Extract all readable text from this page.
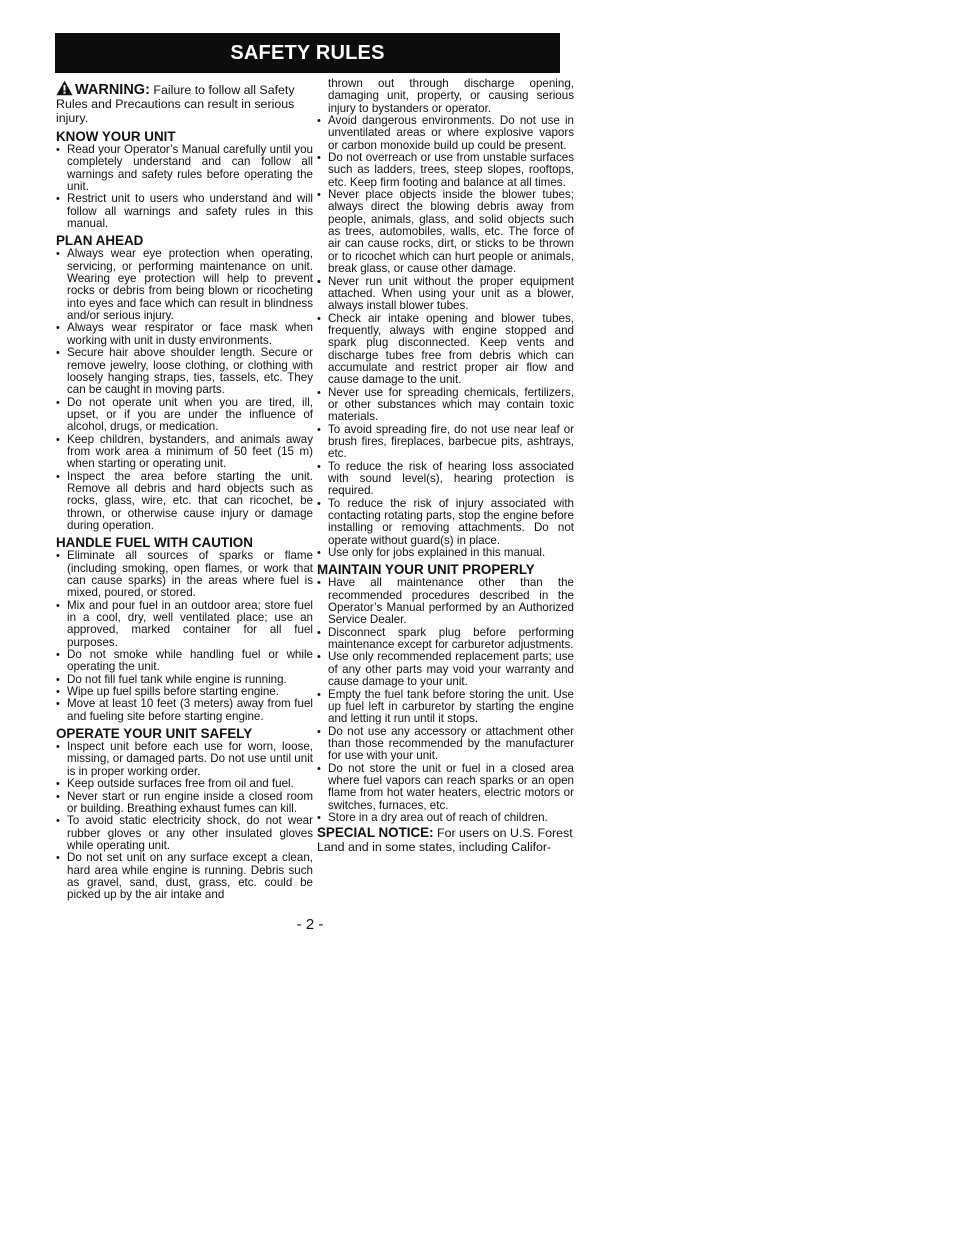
SAFETY RULES
WARNING: Failure to follow all Safety Rules and Precautions can result in serious injury.
KNOW YOUR UNIT
• Read your Operator’s Manual carefully until you completely understand and can follow all warnings and safety rules before operating the unit.
• Restrict unit to users who understand and will follow all warnings and safety rules in this manual.
PLAN AHEAD
• Always wear eye protection when operating, servicing, or performing maintenance on unit. Wearing eye protection will help to prevent rocks or debris from being blown or ricocheting into eyes and face which can result in blindness and/or serious injury.
• Always wear respirator or face mask when working with unit in dusty environments.
• Secure hair above shoulder length. Secure or remove jewelry, loose clothing, or clothing with loosely hanging straps, ties, tassels, etc. They can be caught in moving parts.
• Do not operate unit when you are tired, ill, upset, or if you are under the influence of alcohol, drugs, or medication.
• Keep children, bystanders, and animals away from work area a minimum of 50 feet (15 m) when starting or operating unit.
• Inspect the area before starting the unit. Remove all debris and hard objects such as rocks, glass, wire, etc. that can ricochet, be thrown, or otherwise cause injury or damage during operation.
HANDLE FUEL WITH CAUTION
• Eliminate all sources of sparks or flame (including smoking, open flames, or work that can cause sparks) in the areas where fuel is mixed, poured, or stored.
• Mix and pour fuel in an outdoor area; store fuel in a cool, dry, well ventilated place; use an approved, marked container for all fuel purposes.
• Do not smoke while handling fuel or while operating the unit.
• Do not fill fuel tank while engine is running.
• Wipe up fuel spills before starting engine.
• Move at least 10 feet (3 meters) away from fuel and fueling site before starting engine.
OPERATE YOUR UNIT SAFELY
• Inspect unit before each use for worn, loose, missing, or damaged parts. Do not use until unit is in proper working order.
• Keep outside surfaces free from oil and fuel.
• Never start or run engine inside a closed room or building. Breathing exhaust fumes can kill.
• To avoid static electricity shock, do not wear rubber gloves or any other insulated gloves while operating unit.
• Do not set unit on any surface except a clean, hard area while engine is running. Debris such as gravel, sand, dust, grass, etc. could be picked up by the air intake and
thrown out through discharge opening, damaging unit, property, or causing serious injury to bystanders or operator.
• Avoid dangerous environments. Do not use in unventilated areas or where explosive vapors or carbon monoxide build up could be present.
• Do not overreach or use from unstable surfaces such as ladders, trees, steep slopes, rooftops, etc. Keep firm footing and balance at all times.
• Never place objects inside the blower tubes; always direct the blowing debris away from people, animals, glass, and solid objects such as trees, automobiles, walls, etc. The force of air can cause rocks, dirt, or sticks to be thrown or to ricochet which can hurt people or animals, break glass, or cause other damage.
• Never run unit without the proper equipment attached. When using your unit as a blower, always install blower tubes.
• Check air intake opening and blower tubes, frequently, always with engine stopped and spark plug disconnected. Keep vents and discharge tubes free from debris which can accumulate and restrict proper air flow and cause damage to the unit.
• Never use for spreading chemicals, fertilizers, or other substances which may contain toxic materials.
• To avoid spreading fire, do not use near leaf or brush fires, fireplaces, barbecue pits, ashtrays, etc.
• To reduce the risk of hearing loss associated with sound level(s), hearing protection is required.
• To reduce the risk of injury associated with contacting rotating parts, stop the engine before installing or removing attachments. Do not operate without guard(s) in place.
• Use only for jobs explained in this manual.
MAINTAIN YOUR UNIT PROPERLY
• Have all maintenance other than the recommended procedures described in the Operator’s Manual performed by an Authorized Service Dealer.
• Disconnect spark plug before performing maintenance except for carburetor adjustments.
• Use only recommended replacement parts; use of any other parts may void your warranty and cause damage to your unit.
• Empty the fuel tank before storing the unit. Use up fuel left in carburetor by starting the engine and letting it run until it stops.
• Do not use any accessory or attachment other than those recommended by the manufacturer for use with your unit.
• Do not store the unit or fuel in a closed area where fuel vapors can reach sparks or an open flame from hot water heaters, electric motors or switches, furnaces, etc.
• Store in a dry area out of reach of children.
SPECIAL NOTICE: For users on U.S. Forest Land and in some states, including Califor-
- 2 -
